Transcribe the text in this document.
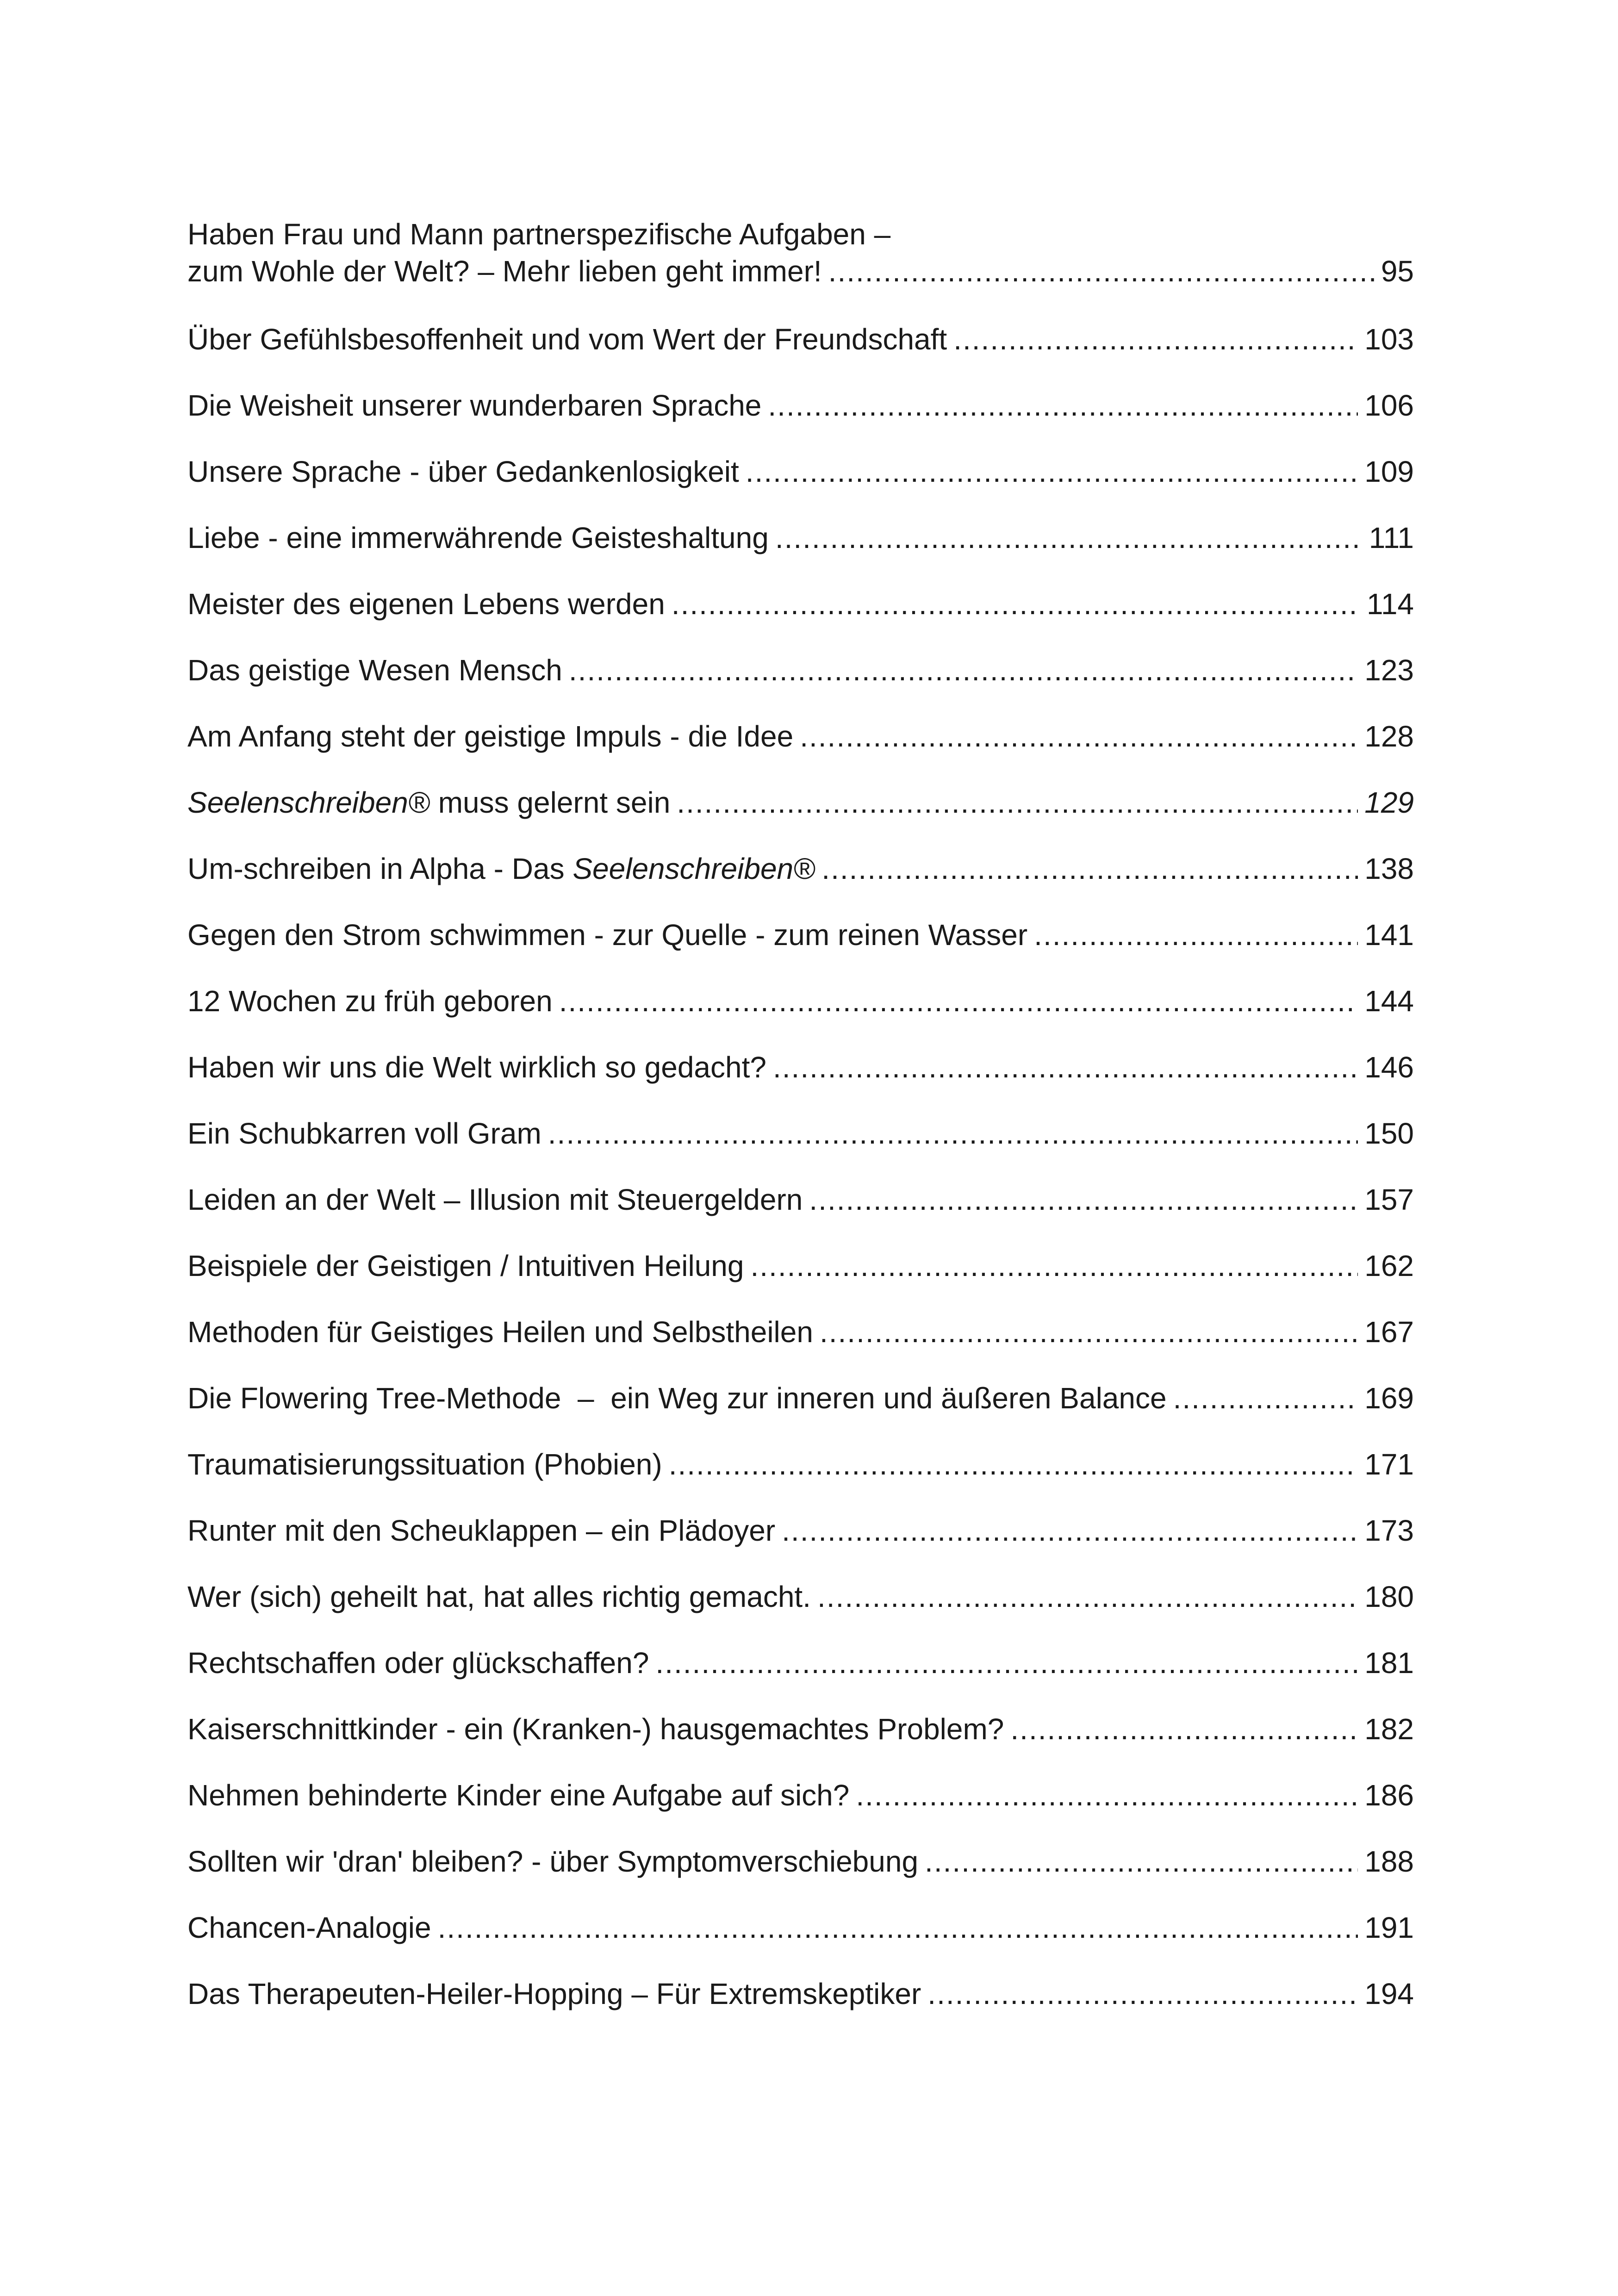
Haben Frau und Mann partnerspezifische Aufgaben –
zum Wohle der Welt? – Mehr lieben geht immer! .....	95
Über Gefühlsbesoffenheit und vom Wert der Freundschaft .....	103
Die Weisheit unserer wunderbaren Sprache .....	106
Unsere Sprache - über Gedankenlosigkeit .....	109
Liebe - eine immerwährende Geisteshaltung .....	111
Meister des eigenen Lebens werden .....	114
Das geistige Wesen Mensch .....	123
Am Anfang steht der geistige Impuls - die Idee .....	128
Seelenschreiben® muss gelernt sein .....	129
Um-schreiben in Alpha - Das Seelenschreiben® .....	138
Gegen den Strom schwimmen - zur Quelle - zum reinen Wasser .....	141
12 Wochen zu früh geboren .....	144
Haben wir uns die Welt wirklich so gedacht? .....	146
Ein Schubkarren voll Gram .....	150
Leiden an der Welt – Illusion mit Steuergeldern .....	157
Beispiele der Geistigen / Intuitiven Heilung .....	162
Methoden für Geistiges Heilen und Selbstheilen .....	167
Die Flowering Tree-Methode  –  ein Weg zur inneren und äußeren Balance .....	169
Traumatisierungssituation (Phobien) .....	171
Runter mit den Scheuklappen – ein Plädoyer .....	173
Wer (sich) geheilt hat, hat alles richtig gemacht. .....	180
Rechtschaffen oder glückschaffen? .....	181
Kaiserschnittkinder - ein (Kranken-) hausgemachtes Problem? .....	182
Nehmen behinderte Kinder eine Aufgabe auf sich? .....	186
Sollten wir 'dran' bleiben? - über Symptomverschiebung .....	188
Chancen-Analogie .....	191
Das Therapeuten-Heiler-Hopping – Für Extremskeptiker .....	194
